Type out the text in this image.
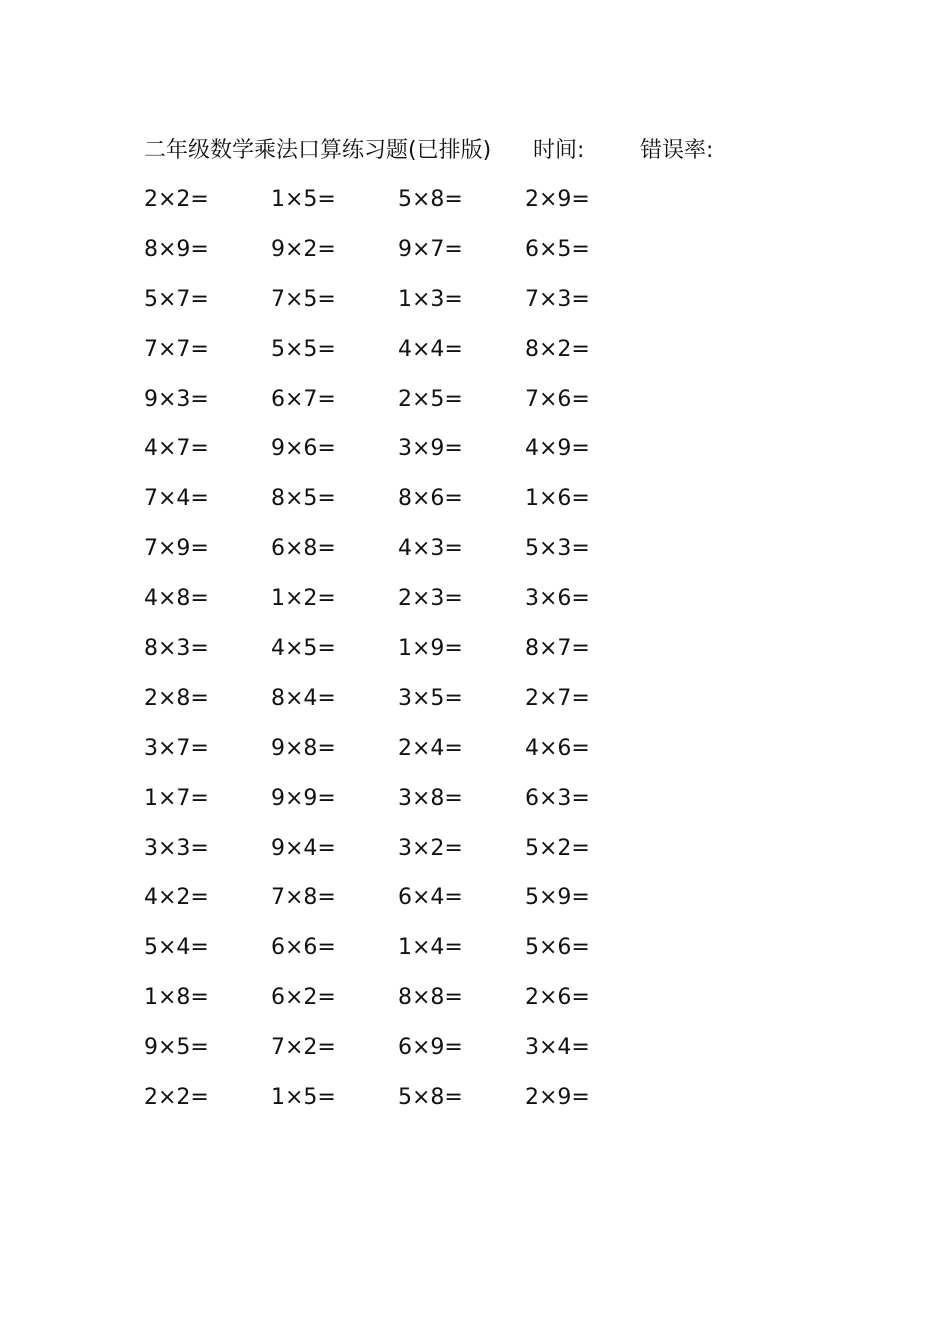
二年级数学乘法口算练习题(已排版) 时间:	错误率:
2×2=	1×5=	5×8=	2×9=
8×9=	9×2=	9×7=	6×5=
5×7=	7×5=	1×3=	7×3=
7×7=	5×5=	4×4=	8×2=
9×3=	6×7=	2×5=	7×6=
4×7=	9×6=	3×9=	4×9=
7×4=	8×5=	8×6=	1×6=
7×9=	6×8=	4×3=	5×3=
4×8=	1×2=	2×3=	3×6=
8×3=	4×5=	1×9=	8×7=
2×8=	8×4=	3×5=	2×7=
3×7=	9×8=	2×4=	4×6=
1×7=	9×9=	3×8=	6×3=
3×3=	9×4=	3×2=	5×2=
4×2=	7×8=	6×4=	5×9=
5×4=	6×6=	1×4=	5×6=
1×8=	6×2=	8×8=	2×6=
9×5=	7×2=	6×9=	3×4=
2×2=	1×5=	5×8=	2×9=
